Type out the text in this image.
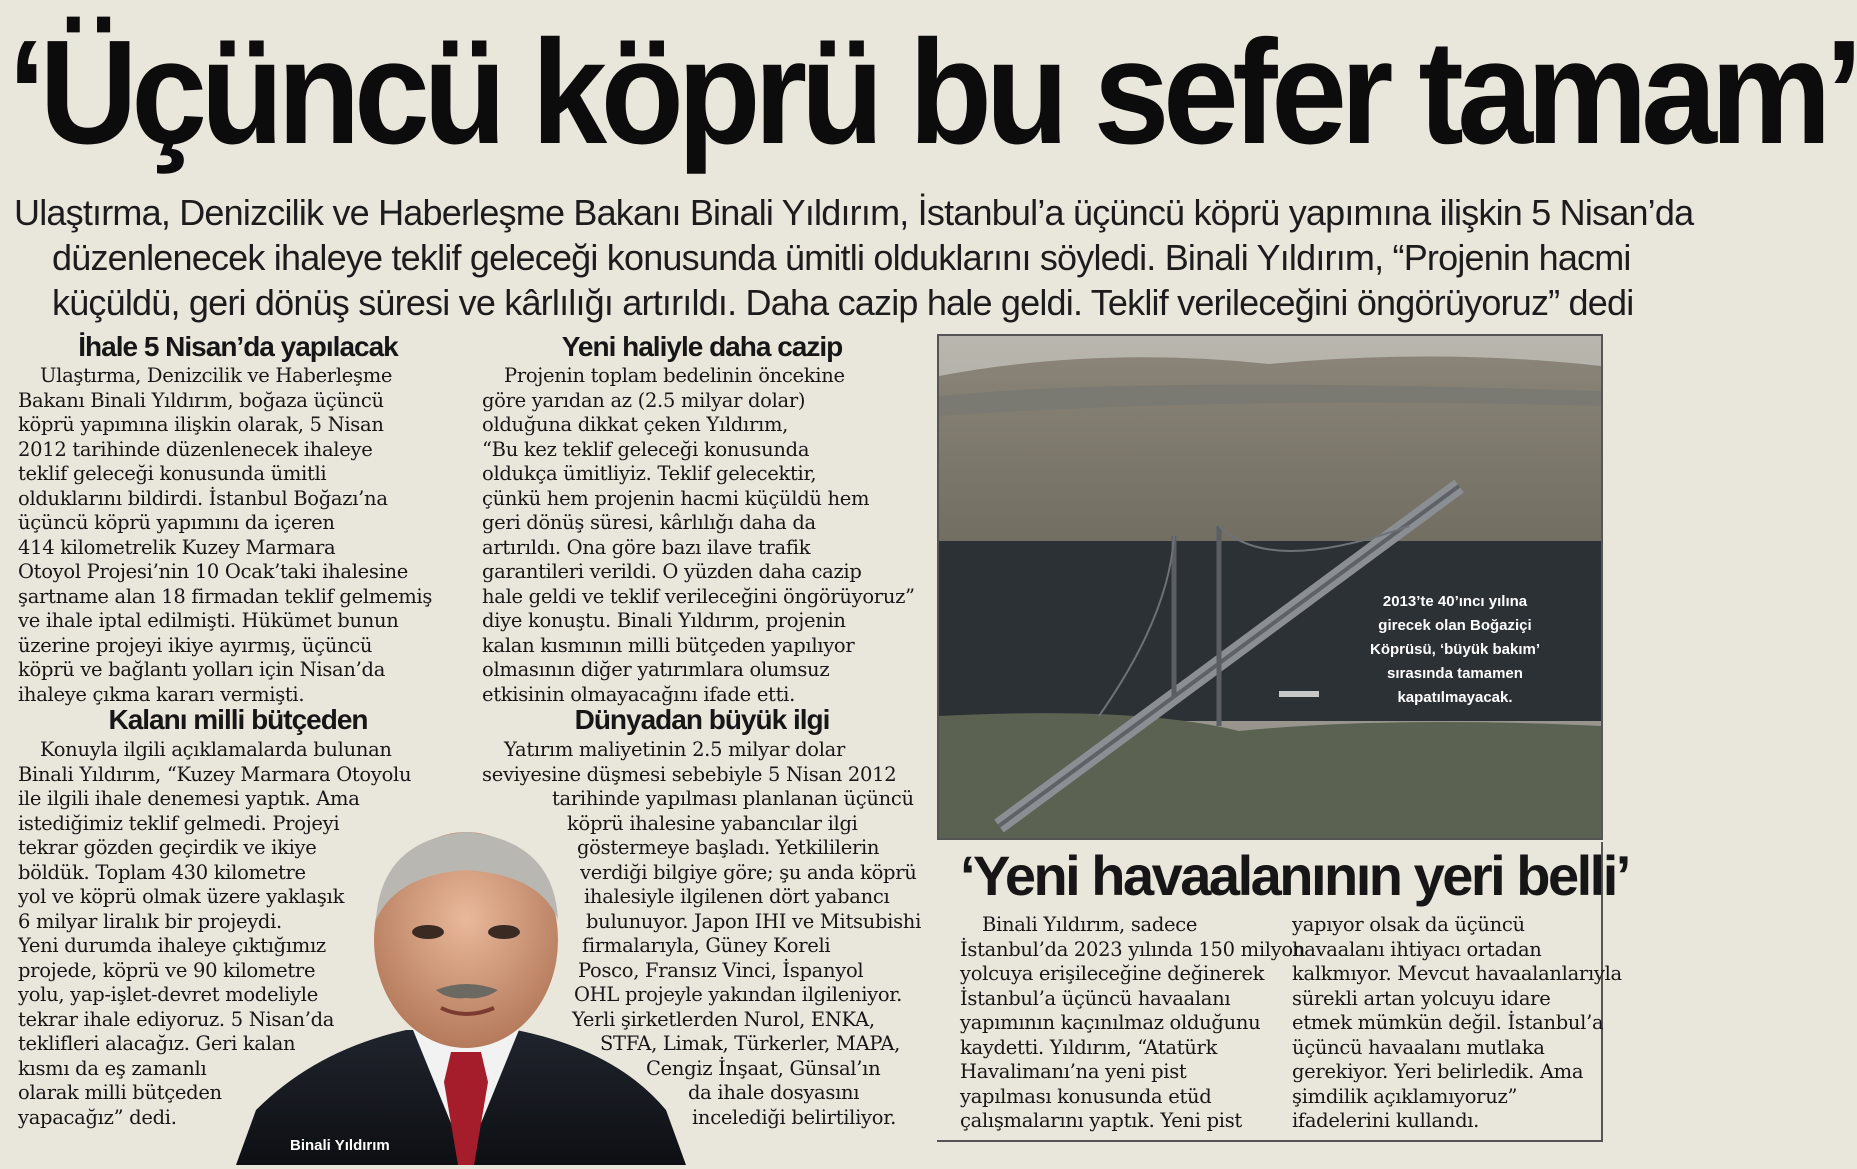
‘Üçüncü köprü bu sefer tamam’
Ulaştırma, Denizcilik ve Haberleşme Bakanı Binali Yıldırım, İstanbul’a üçüncü köprü yapımına ilişkin 5 Nisan’da
düzenlenecek ihaleye teklif geleceği konusunda ümitli olduklarını söyledi. Binali Yıldırım, “Projenin hacmi
küçüldü, geri dönüş süresi ve kârlılığı artırıldı. Daha cazip hale geldi. Teklif verileceğini öngörüyoruz” dedi
İhale 5 Nisan’da yapılacak
Ulaştırma, Denizcilik ve Haberleşme
Bakanı Binali Yıldırım, boğaza üçüncü
köprü yapımına ilişkin olarak, 5 Nisan
2012 tarihinde düzenlenecek ihaleye
teklif geleceği konusunda ümitli
olduklarını bildirdi. İstanbul Boğazı’na
üçüncü köprü yapımını da içeren
414 kilometrelik Kuzey Marmara
Otoyol Projesi’nin 10 Ocak’taki ihalesine
şartname alan 18 firmadan teklif gelmemiş
ve ihale iptal edilmişti. Hükümet bunun
üzerine projeyi ikiye ayırmış, üçüncü
köprü ve bağlantı yolları için Nisan’da
ihaleye çıkma kararı vermişti.
Kalanı milli bütçeden
Konuyla ilgili açıklamalarda bulunan
Binali Yıldırım, “Kuzey Marmara Otoyolu
ile ilgili ihale denemesi yaptık. Ama
istediğimiz teklif gelmedi. Projeyi
tekrar gözden geçirdik ve ikiye
böldük. Toplam 430 kilometre
yol ve köprü olmak üzere yaklaşık
6 milyar liralık bir projeydi.
Yeni durumda ihaleye çıktığımız
projede, köprü ve 90 kilometre
yolu, yap-işlet-devret modeliyle
tekrar ihale ediyoruz. 5 Nisan’da
teklifleri alacağız. Geri kalan
kısmı da eş zamanlı
olarak milli bütçeden
yapacağız” dedi.
Yeni haliyle daha cazip
Projenin toplam bedelinin öncekine
göre yarıdan az (2.5 milyar dolar)
olduğuna dikkat çeken Yıldırım,
“Bu kez teklif geleceği konusunda
oldukça ümitliyiz. Teklif gelecektir,
çünkü hem projenin hacmi küçüldü hem
geri dönüş süresi, kârlılığı daha da
artırıldı. Ona göre bazı ilave trafik
garantileri verildi. O yüzden daha cazip
hale geldi ve teklif verileceğini öngörüyoruz”
diye konuştu. Binali Yıldırım, projenin
kalan kısmının milli bütçeden yapılıyor
olmasının diğer yatırımlara olumsuz
etkisinin olmayacağını ifade etti.
Dünyadan büyük ilgi
Binali Yıldırım
Yatırım maliyetinin 2.5 milyar dolar
seviyesine düşmesi sebebiyle 5 Nisan 2012
tarihinde yapılması planlanan üçüncü
köprü ihalesine yabancılar ilgi
göstermeye başladı. Yetkililerin
verdiği bilgiye göre; şu anda köprü
ihalesiyle ilgilenen dört yabancı
bulunuyor. Japon IHI ve Mitsubishi
firmalarıyla, Güney Koreli
Posco, Fransız Vinci, İspanyol
OHL projeyle yakından ilgileniyor.
Yerli şirketlerden Nurol, ENKA,
STFA, Limak, Türkerler, MAPA,
Cengiz İnşaat, Günsal’ın
da ihale dosyasını
incelediği belirtiliyor.
2013’te 40’ıncı yılına
girecek olan Boğaziçi
Köprüsü, ‘büyük bakım’
sırasında tamamen
kapatılmayacak.
‘Yeni havaalanının yeri belli’
Binali Yıldırım, sadece
İstanbul’da 2023 yılında 150 milyon
yolcuya erişileceğine değinerek
İstanbul’a üçüncü havaalanı
yapımının kaçınılmaz olduğunu
kaydetti. Yıldırım, “Atatürk
Havalimanı’na yeni pist
yapılması konusunda etüd
çalışmalarını yaptık. Yeni pist
yapıyor olsak da üçüncü
havaalanı ihtiyacı ortadan
kalkmıyor. Mevcut havaalanlarıyla
sürekli artan yolcuyu idare
etmek mümkün değil. İstanbul’a
üçüncü havaalanı mutlaka
gerekiyor. Yeri belirledik. Ama
şimdilik açıklamıyoruz”
ifadelerini kullandı.
